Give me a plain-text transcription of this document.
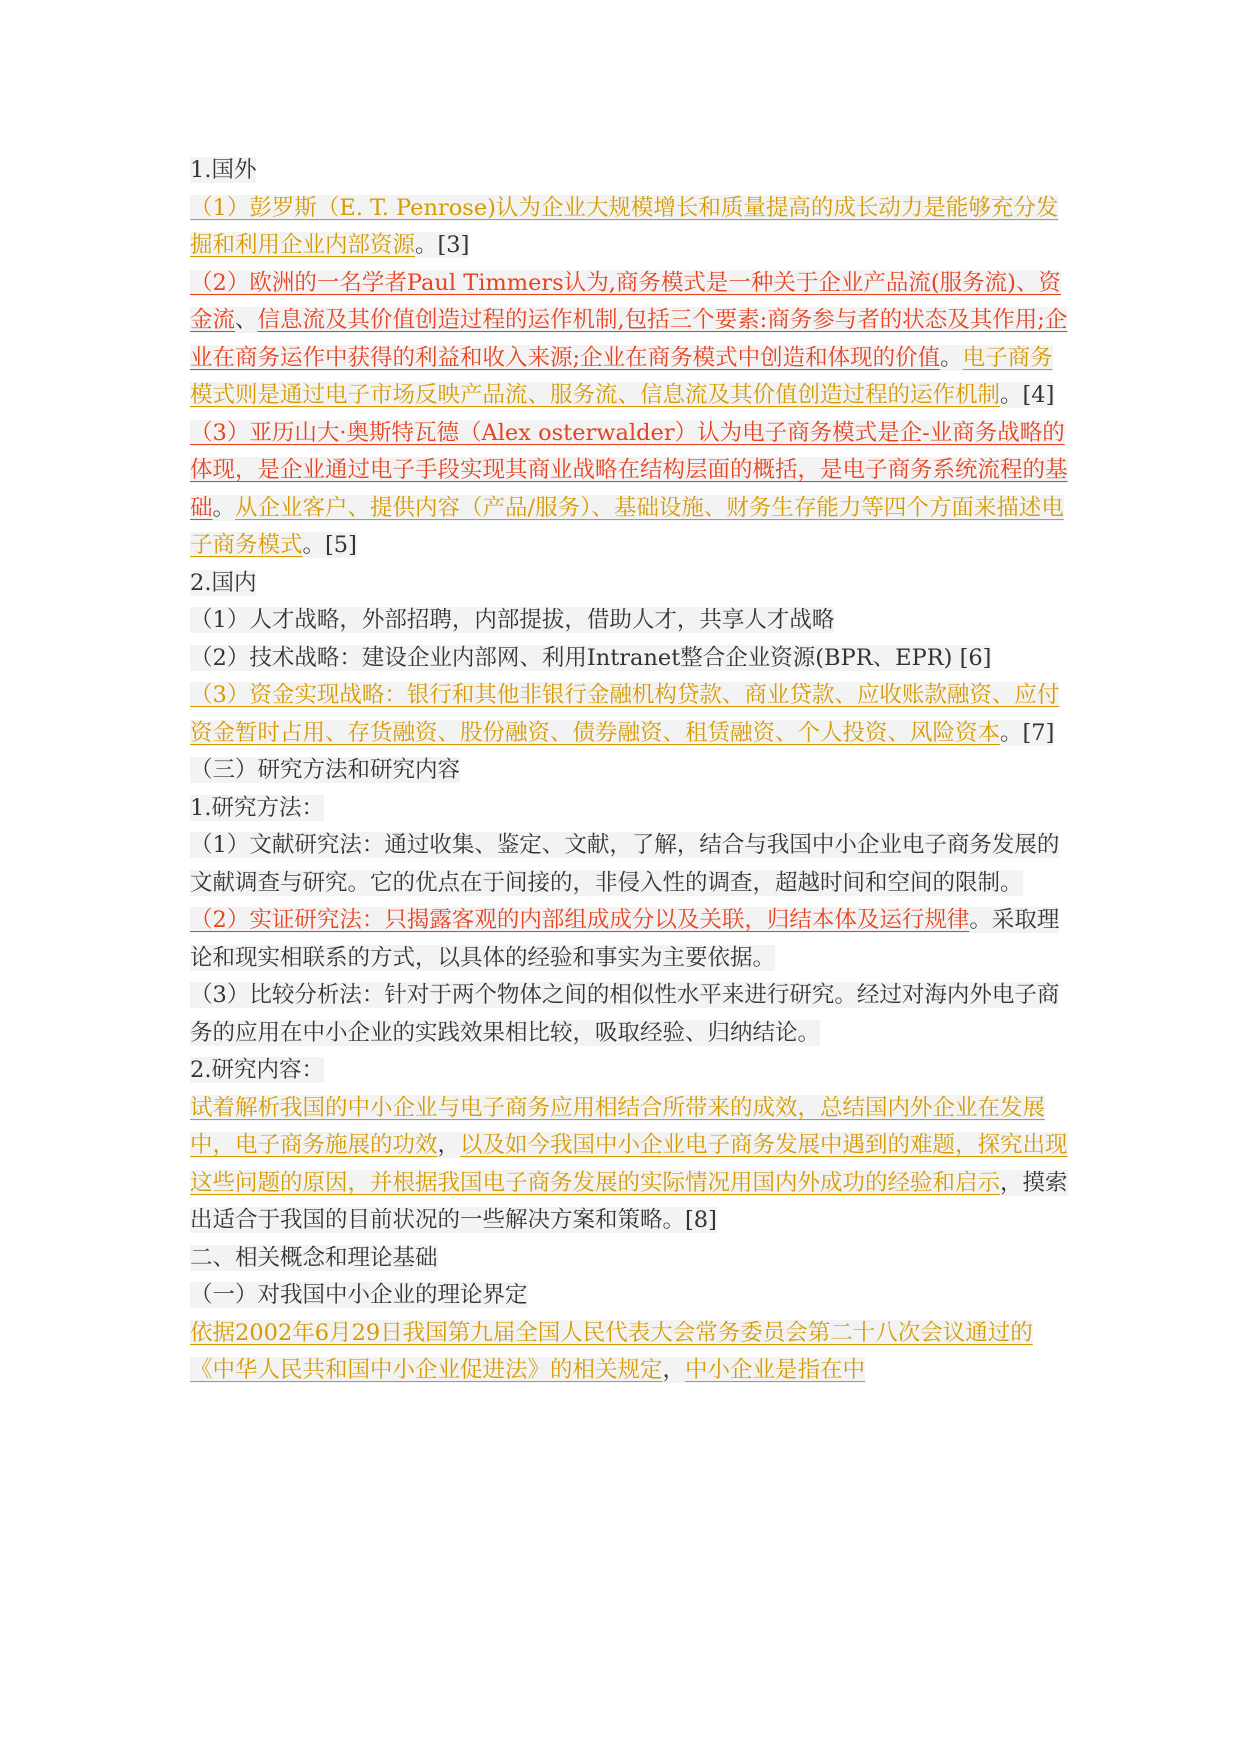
1.国外

（1）彭罗斯（E. T. Penrose)认为企业大规模增长和质量提高的成长动力是能够充分发掘和利用企业内部资源。[3]

（2）欧洲的一名学者Paul Timmers认为,商务模式是一种关于企业产品流(服务流)、资金流、信息流及其价值创造过程的运作机制,包括三个要素:商务参与者的状态及其作用;企业在商务运作中获得的利益和收入来源;企业在商务模式中创造和体现的价值。电子商务模式则是通过电子市场反映产品流、服务流、信息流及其价值创造过程的运作机制。[4]

（3）亚历山大·奥斯特瓦德（Alex osterwalder）认为电子商务模式是企-业商务战略的体现，是企业通过电子手段实现其商业战略在结构层面的概括，是电子商务系统流程的基础。从企业客户、提供内容（产品/服务）、基础设施、财务生存能力等四个方面来描述电子商务模式。[5]

2.国内

（1）人才战略，外部招聘，内部提拔，借助人才，共享人才战略

（2）技术战略：建设企业内部网、利用Intranet整合企业资源(BPR、EPR) [6]

（3）资金实现战略：银行和其他非银行金融机构贷款、商业贷款、应收账款融资、应付资金暂时占用、存货融资、股份融资、债券融资、租赁融资、个人投资、风险资本。[7]

（三）研究方法和研究内容

1.研究方法：

（1）文献研究法：通过收集、鉴定、文献，了解，结合与我国中小企业电子商务发展的文献调查与研究。它的优点在于间接的，非侵入性的调查，超越时间和空间的限制。

（2）实证研究法：只揭露客观的内部组成成分以及关联，归结本体及运行规律。采取理论和现实相联系的方式，以具体的经验和事实为主要依据。

（3）比较分析法：针对于两个物体之间的相似性水平来进行研究。经过对海内外电子商务的应用在中小企业的实践效果相比较，吸取经验、归纳结论。

2.研究内容：

试着解析我国的中小企业与电子商务应用相结合所带来的成效，总结国内外企业在发展中，电子商务施展的功效，以及如今我国中小企业电子商务发展中遇到的难题，探究出现这些问题的原因，并根据我国电子商务发展的实际情况用国内外成功的经验和启示，摸索出适合于我国的目前状况的一些解决方案和策略。[8]

二、相关概念和理论基础

（一）对我国中小企业的理论界定

依据2002年6月29日我国第九届全国人民代表大会常务委员会第二十八次会议通过的《中华人民共和国中小企业促进法》的相关规定，中小企业是指在中
